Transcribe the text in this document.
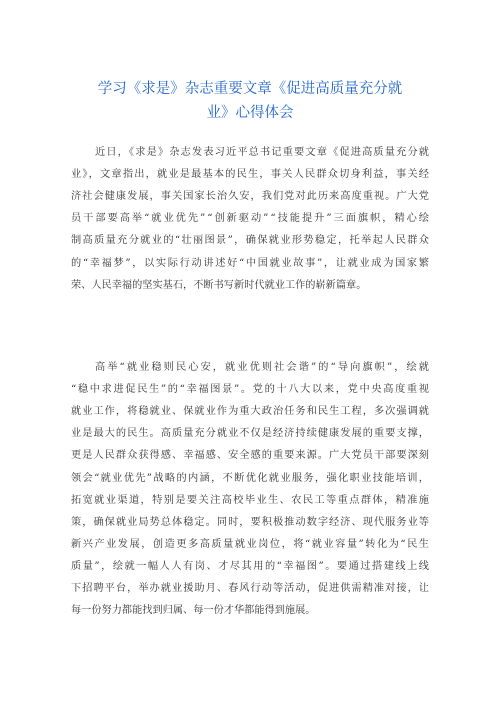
学习《求是》杂志重要文章《促进高质量充分就
业》心得体会
近日，《求是》杂志发表习近平总书记重要文章《促进高质量充分就
业》，文章指出，就业是最基本的民生，事关人民群众切身利益，事关经
济社会健康发展，事关国家长治久安，我们党对此历来高度重视。广大党
员干部要高举“就业优先”“创新驱动”“技能提升”三面旗帜，精心绘
制高质量充分就业的“壮丽图景”，确保就业形势稳定，托举起人民群众
的“幸福梦”，以实际行动讲述好“中国就业故事”，让就业成为国家繁
荣、人民幸福的坚实基石，不断书写新时代就业工作的崭新篇章。
高举“就业稳则民心安，就业优则社会谐”的“导向旗帜”，绘就
“稳中求进促民生”的“幸福图景”。党的十八大以来，党中央高度重视
就业工作，将稳就业、保就业作为重大政治任务和民生工程，多次强调就
业是最大的民生。高质量充分就业不仅是经济持续健康发展的重要支撑，
更是人民群众获得感、幸福感、安全感的重要来源。广大党员干部要深刻
领会“就业优先”战略的内涵，不断优化就业服务，强化职业技能培训，
拓宽就业渠道，特别是要关注高校毕业生、农民工等重点群体，精准施
策，确保就业局势总体稳定。同时，要积极推动数字经济、现代服务业等
新兴产业发展，创造更多高质量就业岗位，将“就业容量”转化为“民生
质量”，绘就一幅人人有岗、才尽其用的“幸福图”。要通过搭建线上线
下招聘平台，举办就业援助月、春风行动等活动，促进供需精准对接，让
每一份努力都能找到归属、每一份才华都能得到施展。
